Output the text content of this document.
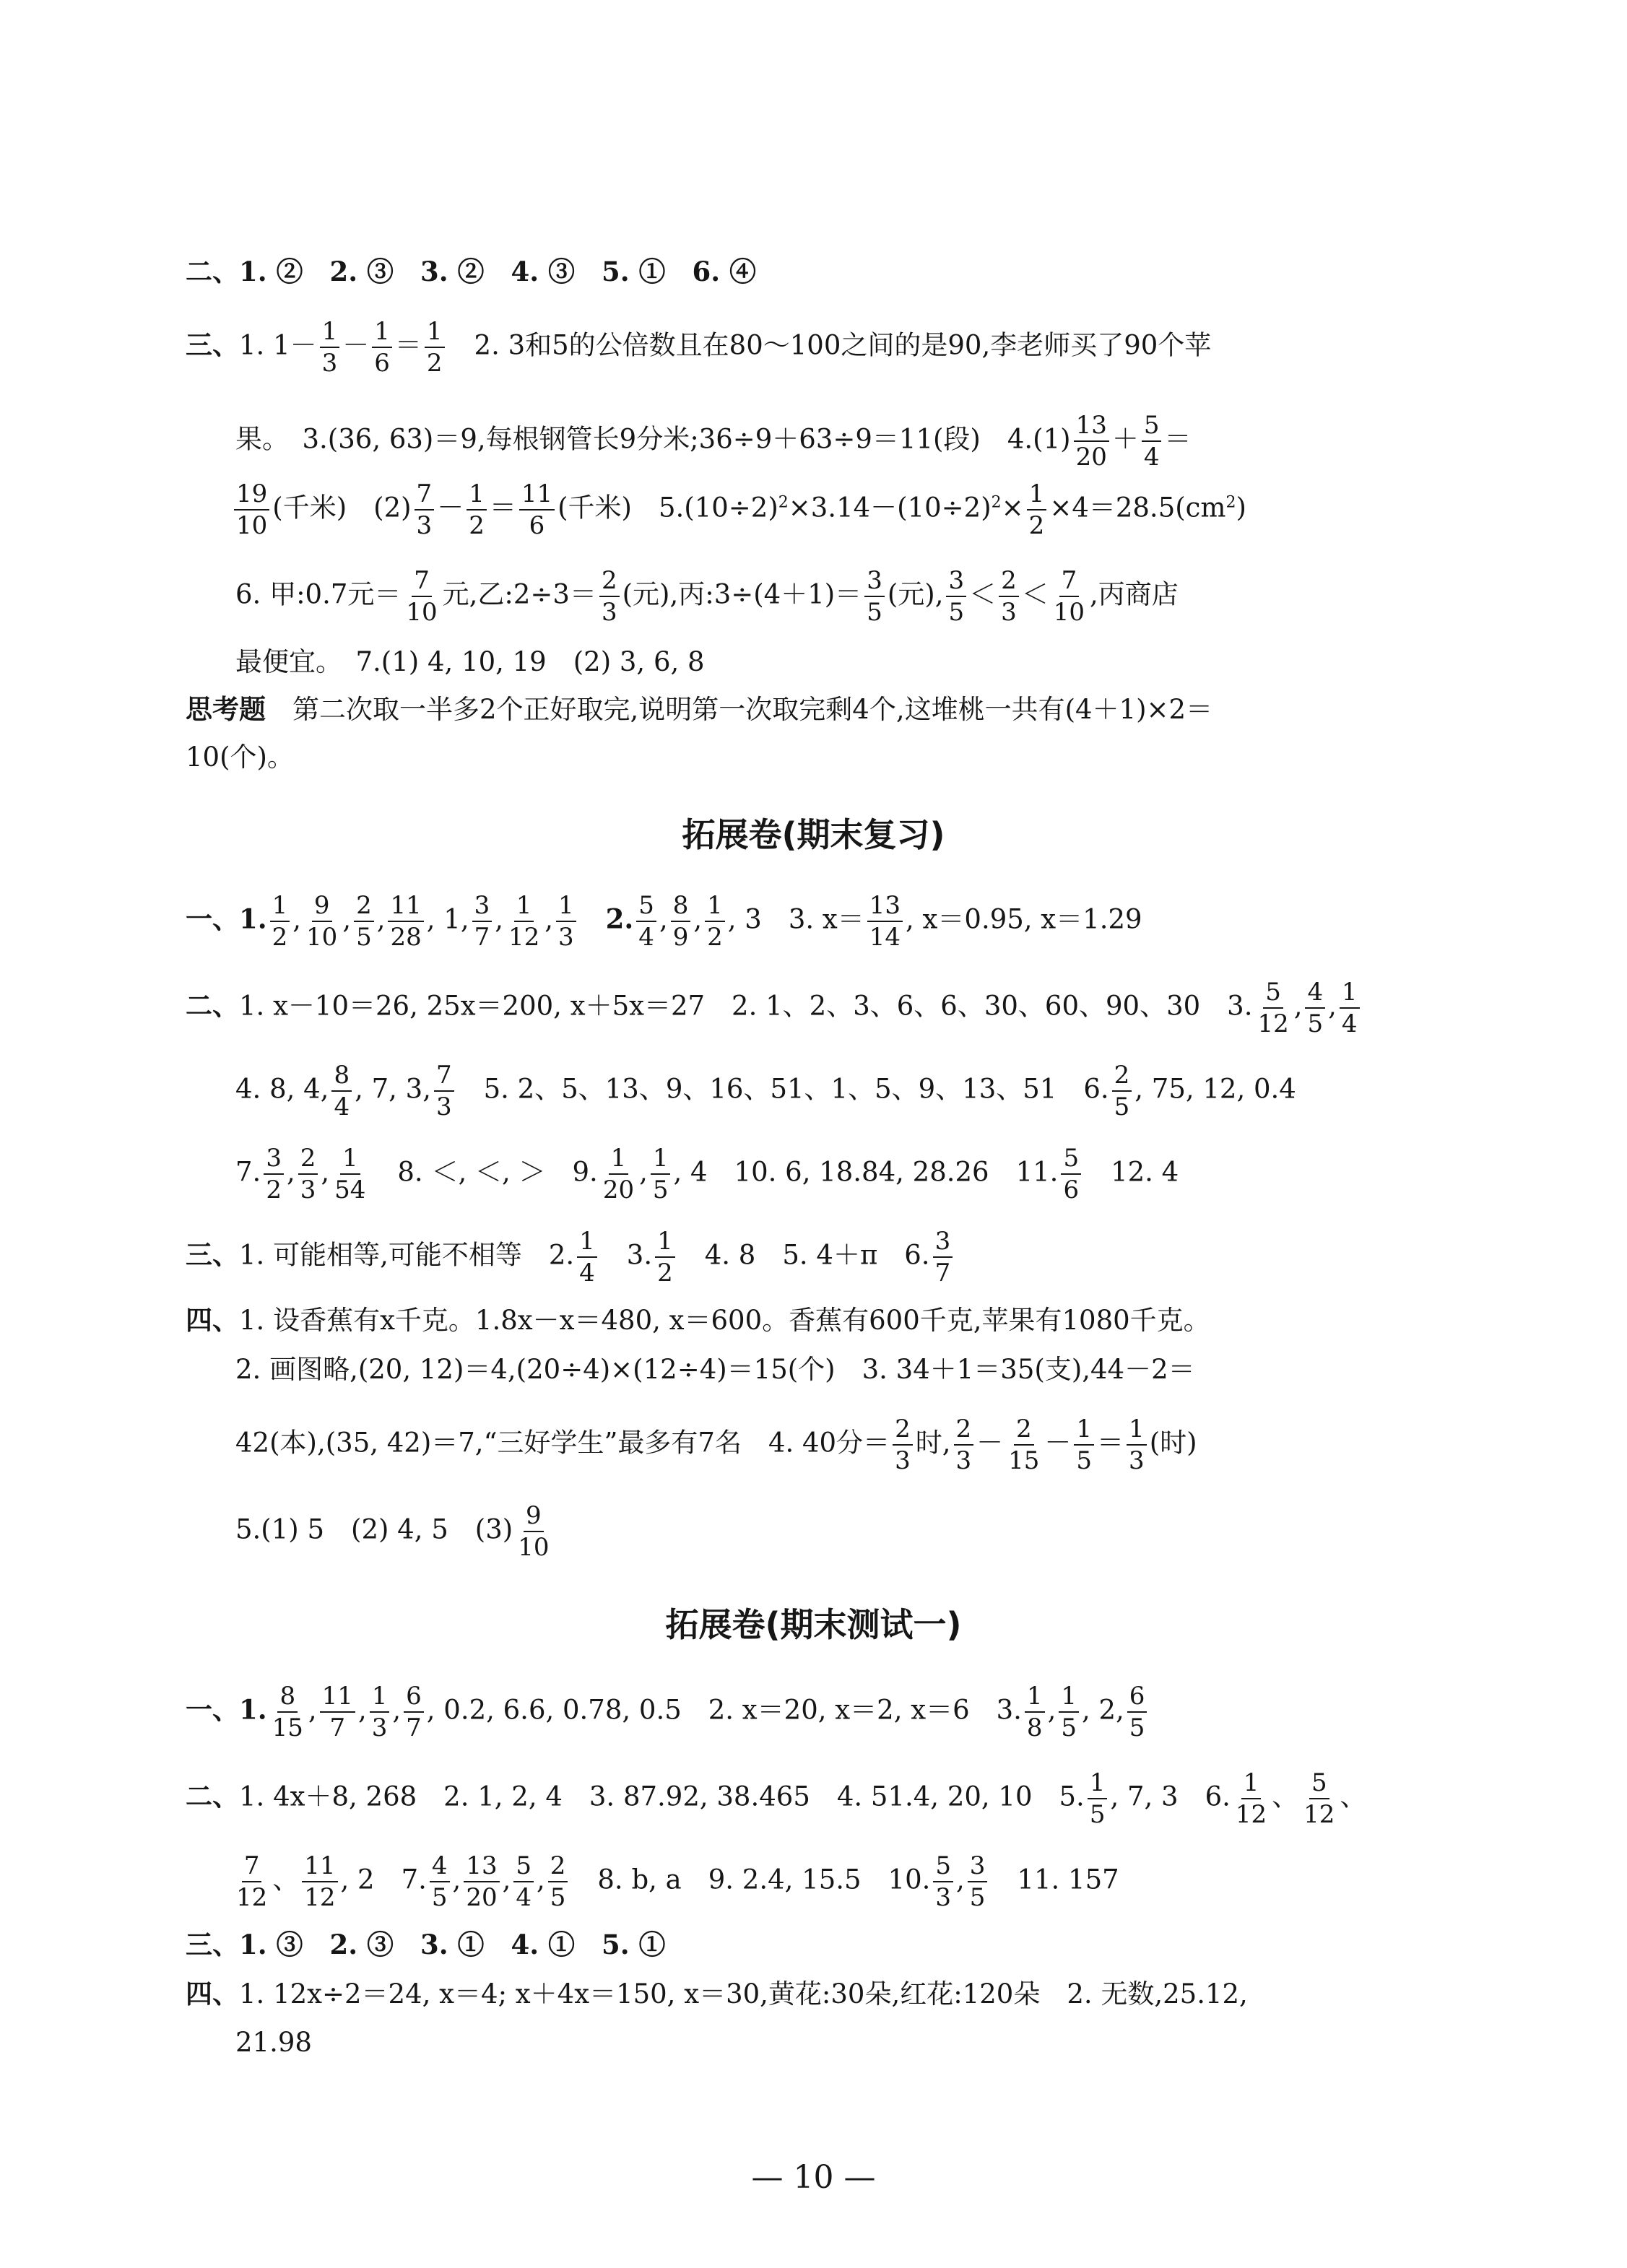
二、1. ②　2. ③　3. ②　4. ③　5. ①　6. ④
三、1. $1- \frac{1}{3} - \frac{1}{6} = \frac{1}{2}$
　 2. 3和5的公倍数且在80～100之间的是90,李老师买了90个苹
果。　3.(36, 63)＝9,每根钢管长9分米;36÷9＋63÷9＝11(段)　$4.(1) \frac{13}{20} + \frac{5}{4}$ ＝
$\frac{19}{10}$ (千米)　$(2) \frac{7}{3} - \frac{1}{2} = \frac{11}{6}$ (千米)　$5.(10\div 2)^2\times 3.14-(10\div 2)^2\times \frac{1}{2} \times 4=28.5(cm^2)$
6. 甲:0.7元＝ $\frac{7}{10}$ 元,乙:2÷3＝ $\frac{2}{3}$ (元),丙:3÷(4＋1)＝ $\frac{3}{5}$ (元), $\frac{3}{5} < \frac{2}{3} < \frac{7}{10}$ ,丙商店
最便宜。　7.(1) 4, 10, 19　(2) 3, 6, 8
思考题　 第二次取一半多2个正好取完,说明第一次取完剩4个,这堆桃一共有(4＋1)×2＝
10(个)。
拓展卷(期末复习)
一、1. $\frac{1}{2}$ , $\frac{9}{10}$ , $\frac{2}{5}$ , $\frac{11}{28}$ , 1, $\frac{3}{7}$ , $\frac{1}{12}$ , $\frac{1}{3}$
　 2. $\frac{5}{4}$ , $\frac{8}{9}$ , $\frac{1}{2}$ , 3　3. $x= \frac{13}{14}$ , x＝0.95, x＝1.29
二、1. x－10＝26, 25x＝200, x＋5x＝27　2. 1、2、3、6、6、30、60、90、30　3. $\frac{5}{12}$ , $\frac{4}{5}$ , $\frac{1}{4}$
4. 8, 4, $\frac{8}{4}$ , 7, 3, $\frac{7}{3}$
　 5. 2、5、13、9、16、51、1、5、9、13、51　6. $\frac{2}{5}$ , 75, 12, 0.4
7. $\frac{3}{2}$ , $\frac{2}{3}$ , $\frac{1}{54}$
　 8. ＜, ＜, ＞　9. $\frac{1}{20}$ , $\frac{1}{5}$ , 4　10. 6, 18.84, 28.26　11. $\frac{5}{6}$
　 12. 4
三、1. 可能相等,可能不相等　2. $\frac{1}{4}$
　 3. $\frac{1}{2}$
　 4. 8　5. 4＋π　6. $\frac{3}{7}$
四、1. 设香蕉有x千克。1.8x－x＝480, x＝600。香蕉有600千克,苹果有1080千克。
2. 画图略,(20, 12)＝4,(20÷4)×(12÷4)＝15(个)　3. 34＋1＝35(支),44－2＝
42(本),(35, 42)＝7,“三好学生”最多有7名　4. 40分＝ $\frac{2}{3}$ 时, $\frac{2}{3} - \frac{2}{15} - \frac{1}{5} = \frac{1}{3}$ (时)
5.(1) 5　(2) 4, 5　$(3) \frac{9}{10}$
拓展卷(期末测试一)
一、1. $\frac{8}{15}$ , $\frac{11}{7}$ , $\frac{1}{3}$ , $\frac{6}{7}$ , 0.2, 6.6, 0.78, 0.5　2. x＝20, x＝2, x＝6　3. $\frac{1}{8}$ , $\frac{1}{5}$ , 2, $\frac{6}{5}$
二、1. 4x＋8, 268　2. 1, 2, 4　3. 87.92, 38.465　4. 51.4, 20, 10　5. $\frac{1}{5}$ , 7, 3　6. $\frac{1}{12}$ 、 $\frac{5}{12}$ 、
$\frac{7}{12}$ 、 $\frac{11}{12}$ , 2　7. $\frac{4}{5}$ , $\frac{13}{20}$ , $\frac{5}{4}$ , $\frac{2}{5}$
　 8. b, a　9. 2.4, 15.5　10. $\frac{5}{3}$ , $\frac{3}{5}$
　 11. 157
三、1. ③　2. ③　3. ①　4. ①　5. ①
四、1. 12x÷2＝24, x＝4; x＋4x＝150, x＝30,黄花:30朵,红花:120朵　2. 无数,25.12,
21.98
— 10 —
